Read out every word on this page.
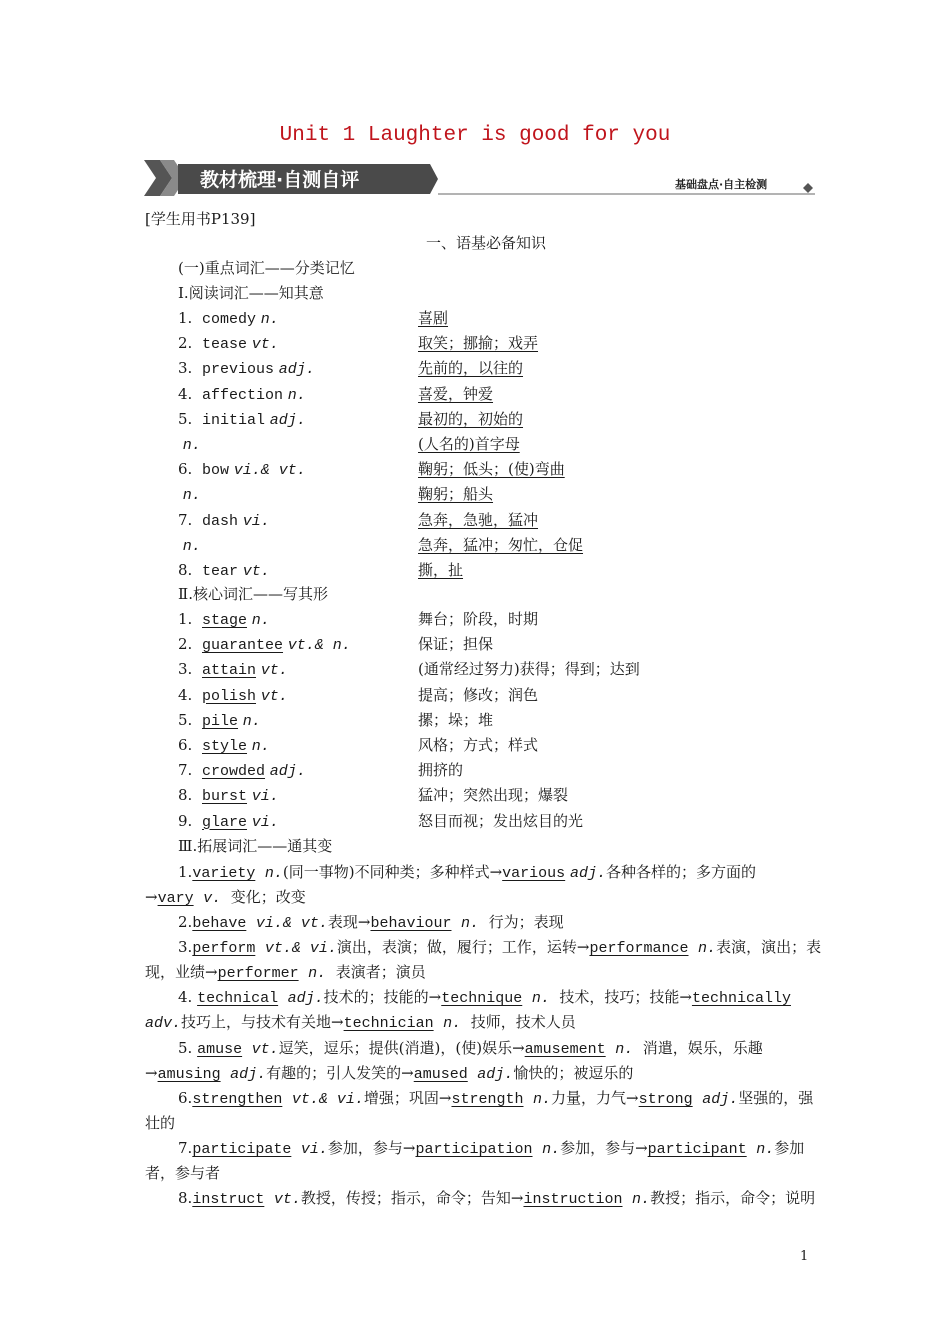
Unit 1 Laughter is good for you
教材梳理·自测自评	基础盘点·自主检测
[学生用书P139]
一、语基必备知识
(一)重点词汇——分类记忆
Ⅰ.阅读词汇——知其意
1. comedy n.	喜剧
2. tease vt.	取笑；挪揄；戏弄
3. previous adj.	先前的，以往的
4. affection n.	喜爱，钟爱
5. initial adj.	最初的，初始的
n.	(人名的)首字母
6. bow vi.& vt.	鞠躬；低头；(使)弯曲
n.	鞠躬；船头
7. dash vi.	急奔，急驰，猛冲
n.	急奔，猛冲；匆忙，仓促
8. tear vt.	撕，扯
Ⅱ.核心词汇——写其形
1. stage n.	舞台；阶段，时期
2. guarantee vt.& n.	保证；担保
3. attain vt.	(通常经过努力)获得；得到；达到
4. polish vt.	提高；修改；润色
5. pile n.	摞；垛；堆
6. style n.	风格；方式；样式
7. crowded adj.	拥挤的
8. burst vi.	猛冲；突然出现；爆裂
9. glare vi.	怒目而视；发出炫目的光
Ⅲ.拓展词汇——通其变
1.variety n.(同一事物)不同种类；多种样式→various adj.各种各样的；多方面的
→vary v.  变化；改变
2.behave vi.& vt.表现→behaviour n.  行为；表现
3.perform vt.& vi.演出，表演；做，履行；工作，运转→performance n.表演，演出；表
现，业绩→performer n.  表演者；演员
4. technical adj.技术的；技能的→technique n.  技术，技巧；技能→technically
adv.技巧上，与技术有关地→technician n.  技师，技术人员
5. amuse vt.逗笑，逗乐；提供(消遣)，(使)娱乐→amusement n.  消遣，娱乐，乐趣
→amusing adj.有趣的；引人发笑的→amused adj.愉快的；被逗乐的
6.strengthen vt.& vi.增强；巩固→strength n.力量，力气→strong adj.坚强的，强
壮的
7.participate vi.参加，参与→participation n.参加，参与→participant n.参加
者，参与者
8.instruct vt.教授，传授；指示，命令；告知→instruction n.教授；指示，命令；说明
1
